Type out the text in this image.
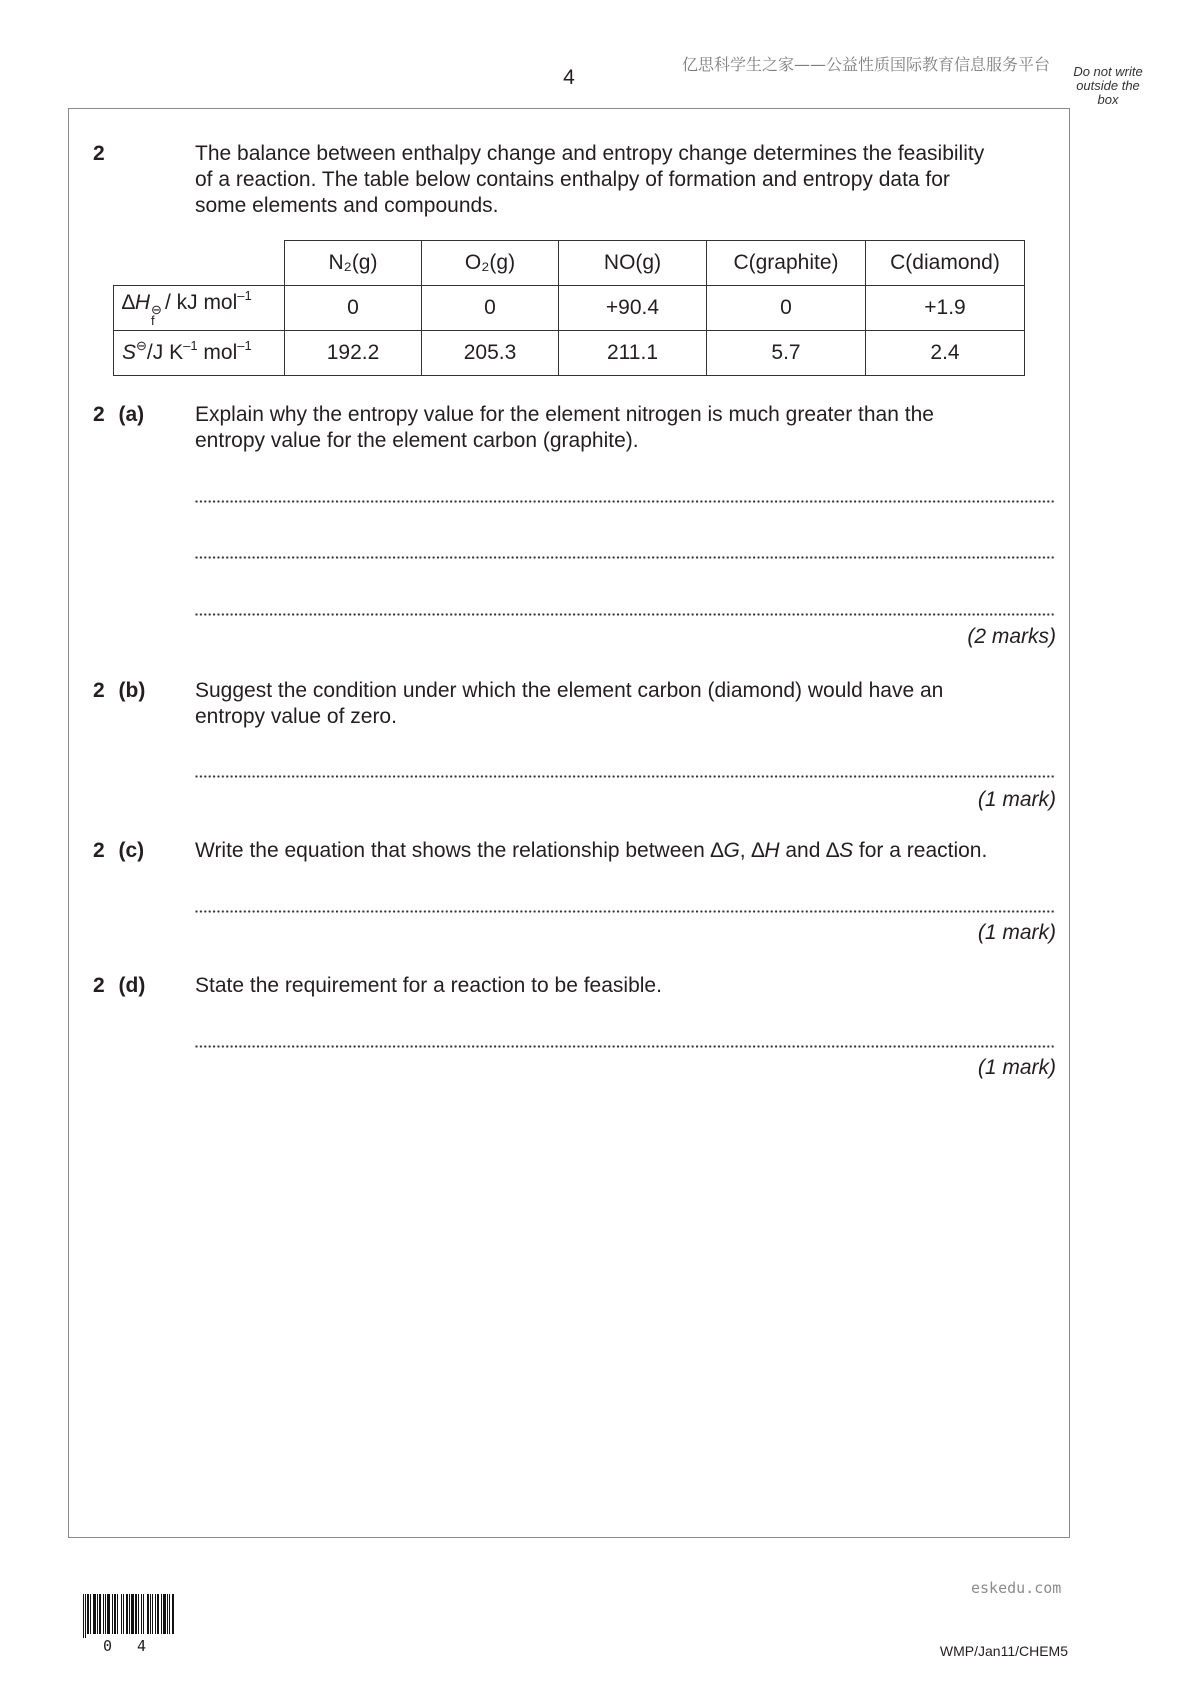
4
亿思科学生之家——公益性质国际教育信息服务平台 Do not write
outside the
box
2	The balance between enthalpy change and entropy change determines the feasibility
of a reaction. The table below contains enthalpy of formation and entropy data for
some elements and compounds.
	N₂(g)	O₂(g)	NO(g)	C(graphite)	C(diamond)
∆H ⊖
f
/ kJ mol$^{-1}$	0	0	+90.4	0	+1.9
S⊖/J $K^{-1}$ mol$^{-1}$	192.2	205.3	211.1	5.7	2.4
2 (a) Explain why the entropy value for the element nitrogen is much greater than the
entropy value for the element carbon (graphite).
(2 marks)
2 (b) Suggest the condition under which the element carbon (diamond) would have an
entropy value of zero.
(1 mark)
2 (c) Write the equation that shows the relationship between ∆G, ∆H and ∆S for a reaction.
(1 mark)
2 (d) State the requirement for a reaction to be feasible.
(1 mark)
eskedu.com
0 4	WMP/Jan11/CHEM5
